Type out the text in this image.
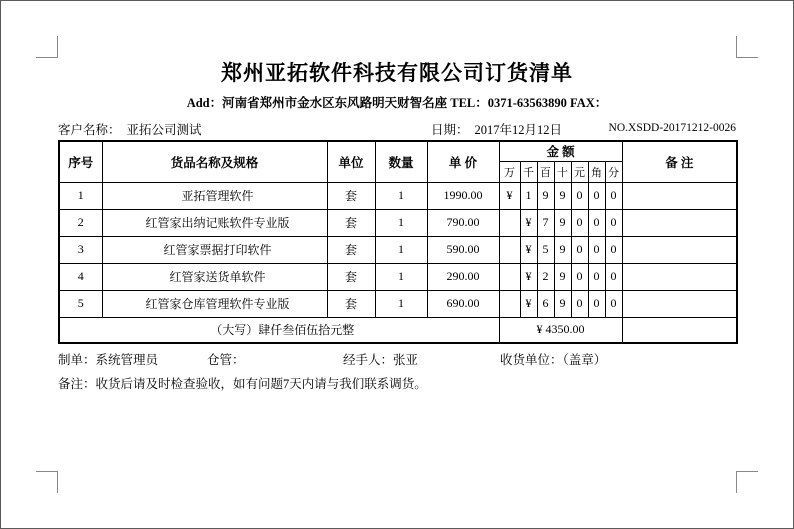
郑州亚拓软件科技有限公司订货清单
Add：河南省郑州市金水区东风路明天财智名座 TEL：0371-63563890 FAX：
客户名称： 亚拓公司测试	日期： 2017年12月12日	NO.XSDD-20171212-0026
序号	货品名称及规格	单位	数量	单 价	金 额							备 注
					万	千	百	十	元	角	分	
1	亚拓管理软件	套	1	1990.00	¥	1	9	9	0	0	0	
2	红管家出纳记账软件专业版	套	1	790.00		¥	7	9	0	0	0	
3	红管家票据打印软件	套	1	590.00		¥	5	9	0	0	0	
4	红管家送货单软件	套	1	290.00		¥	2	9	0	0	0	
5	红管家仓库管理软件专业版	套	1	690.00		¥	6	9	0	0	0	
（大写）肆仟叁佰伍拾元整					¥ 4350.00							
制单：系统管理员	仓管：	经手人：张亚	收货单位：（盖章）
备注：收货后请及时检查验收，如有问题7天内请与我们联系调货。
